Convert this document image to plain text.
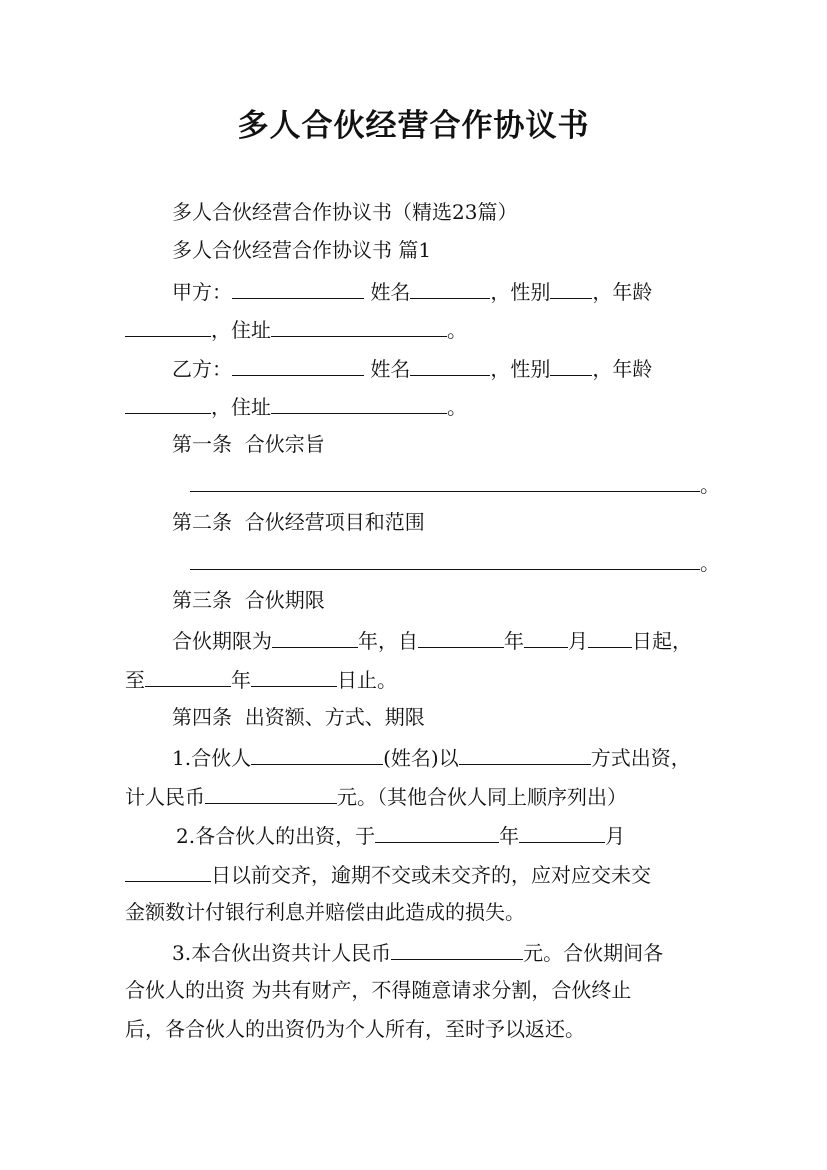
多人合伙经营合作协议书

多人合伙经营合作协议书（精选23篇）

多人合伙经营合作协议书 篇1

甲方：	姓名	，性别 ，年龄

，住址	。

乙方：	姓名	，性别 ，年龄

，住址	。

第一条  合伙宗旨

。

第二条  合伙经营项目和范围

。

第三条  合伙期限

合伙期限为	年，自	年 月 日起，

至	年	日止。

第四条  出资额、方式、期限

1.合伙人	(姓名)以	方式出资，

计人民币	元。（其他合伙人同上顺序列出）

2.各合伙人的出资，于	年	月

日以前交齐，逾期不交或未交齐的，应对应交未交

金额数计付银行利息并赔偿由此造成的损失。

3.本合伙出资共计人民币	元。合伙期间各

合伙人的出资 为共有财产，不得随意请求分割，合伙终止

后，各合伙人的出资仍为个人所有，至时予以返还。
